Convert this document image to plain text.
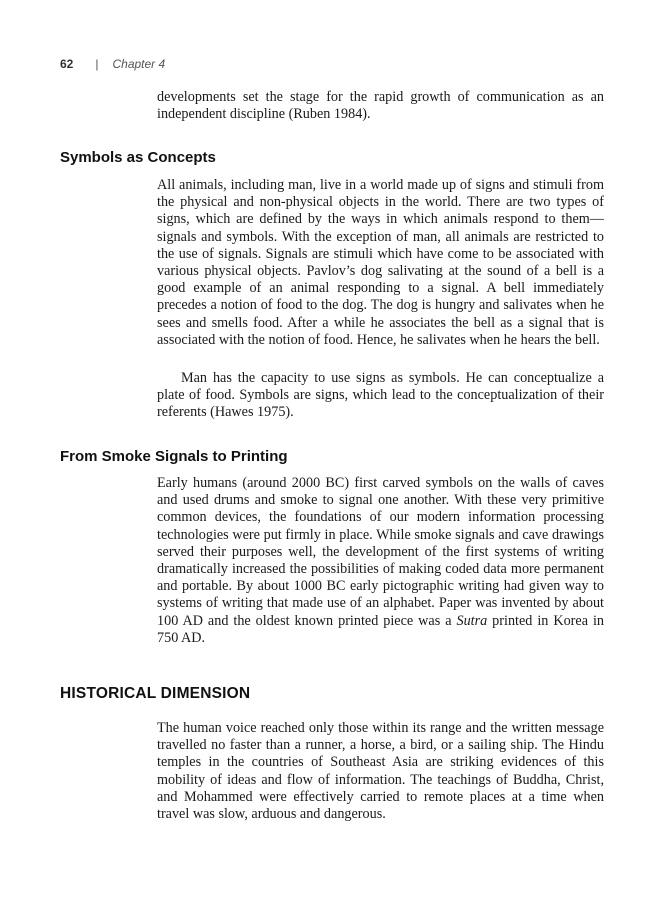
62 | Chapter 4

developments set the stage for the rapid growth of communication as an independent discipline (Ruben 1984).

Symbols as Concepts

All animals, including man, live in a world made up of signs and stimuli from the physical and non-physical objects in the world. There are two types of signs, which are defined by the ways in which animals respond to them—signals and symbols. With the exception of man, all animals are restricted to the use of signals. Signals are stimuli which have come to be associated with various physical objects. Pavlov’s dog salivating at the sound of a bell is a good example of an animal responding to a signal. A bell immediately precedes a notion of food to the dog. The dog is hungry and salivates when he sees and smells food. After a while he associates the bell as a signal that is associated with the notion of food. Hence, he salivates when he hears the bell.

Man has the capacity to use signs as symbols. He can conceptualize a plate of food. Symbols are signs, which lead to the conceptualization of their referents (Hawes 1975).

From Smoke Signals to Printing

Early humans (around 2000 BC) first carved symbols on the walls of caves and used drums and smoke to signal one another. With these very primitive common devices, the foundations of our modern information processing technologies were put firmly in place. While smoke signals and cave drawings served their purposes well, the development of the first systems of writing dramatically increased the possibilities of making coded data more permanent and portable. By about 1000 BC early pictographic writing had given way to systems of writing that made use of an alphabet. Paper was invented by about 100 AD and the oldest known printed piece was a Sutra printed in Korea in 750 AD.

HISTORICAL DIMENSION

The human voice reached only those within its range and the written message travelled no faster than a runner, a horse, a bird, or a sailing ship. The Hindu temples in the countries of Southeast Asia are striking evidences of this mobility of ideas and flow of information. The teachings of Buddha, Christ, and Mohammed were effectively carried to remote places at a time when travel was slow, arduous and dangerous.
